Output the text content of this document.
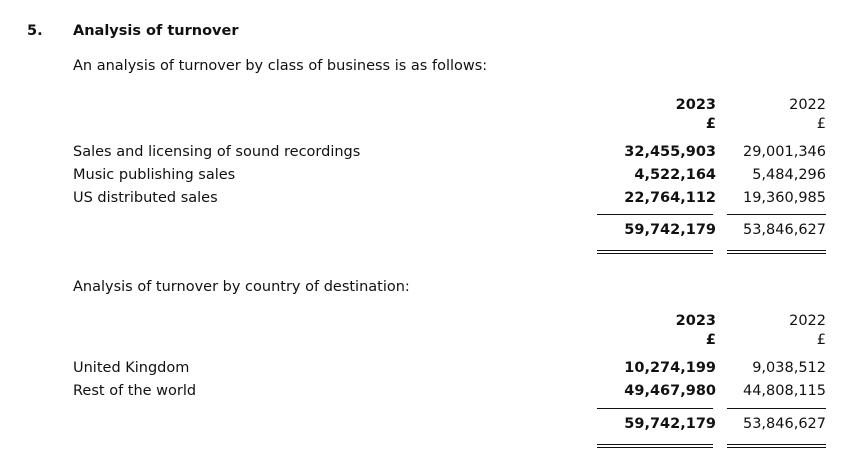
5. Analysis of turnover
An analysis of turnover by class of business is as follows:
2023	2022
£	£
Sales and licensing of sound recordings	32,455,903 29,001,346
Music publishing sales	4,522,164 5,484,296
US distributed sales	22,764,112 19,360,985
59,742,179 53,846,627
Analysis of turnover by country of destination:
2023	2022
£	£
United Kingdom	10,274,199 9,038,512
Rest of the world	49,467,980 44,808,115
59,742,179 53,846,627
